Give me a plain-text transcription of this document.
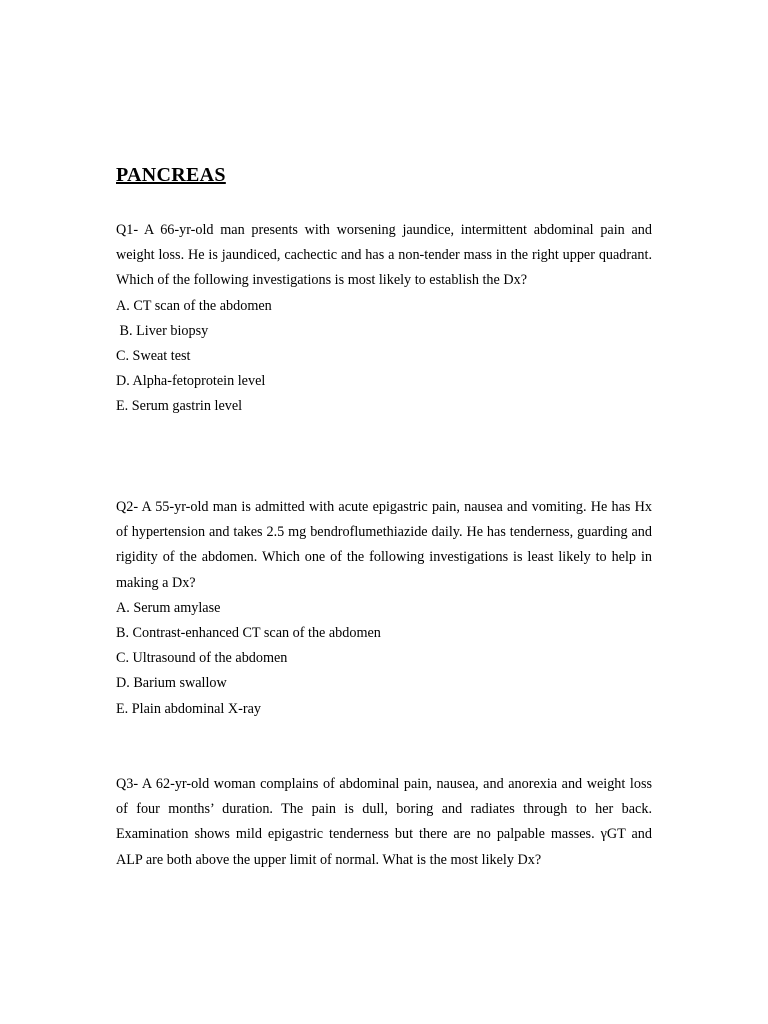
PANCREAS

Q1- A 66-yr-old man presents with worsening jaundice, intermittent abdominal pain and weight loss. He is jaundiced, cachectic and has a non-tender mass in the right upper quadrant. Which of the following investigations is most likely to establish the Dx?

A. CT scan of the abdomen
B. Liver biopsy
C. Sweat test
D. Alpha-fetoprotein level
E. Serum gastrin level

Q2- A 55-yr-old man is admitted with acute epigastric pain, nausea and vomiting. He has Hx of hypertension and takes 2.5 mg bendroflumethiazide daily. He has tenderness, guarding and rigidity of the abdomen. Which one of the following investigations is least likely to help in making a Dx?

A. Serum amylase
B. Contrast-enhanced CT scan of the abdomen
C. Ultrasound of the abdomen
D. Barium swallow
E. Plain abdominal X-ray

Q3- A 62-yr-old woman complains of abdominal pain, nausea, and anorexia and weight loss of four months’ duration. The pain is dull, boring and radiates through to her back. Examination shows mild epigastric tenderness but there are no palpable masses. γGT and ALP are both above the upper limit of normal. What is the most likely Dx?
